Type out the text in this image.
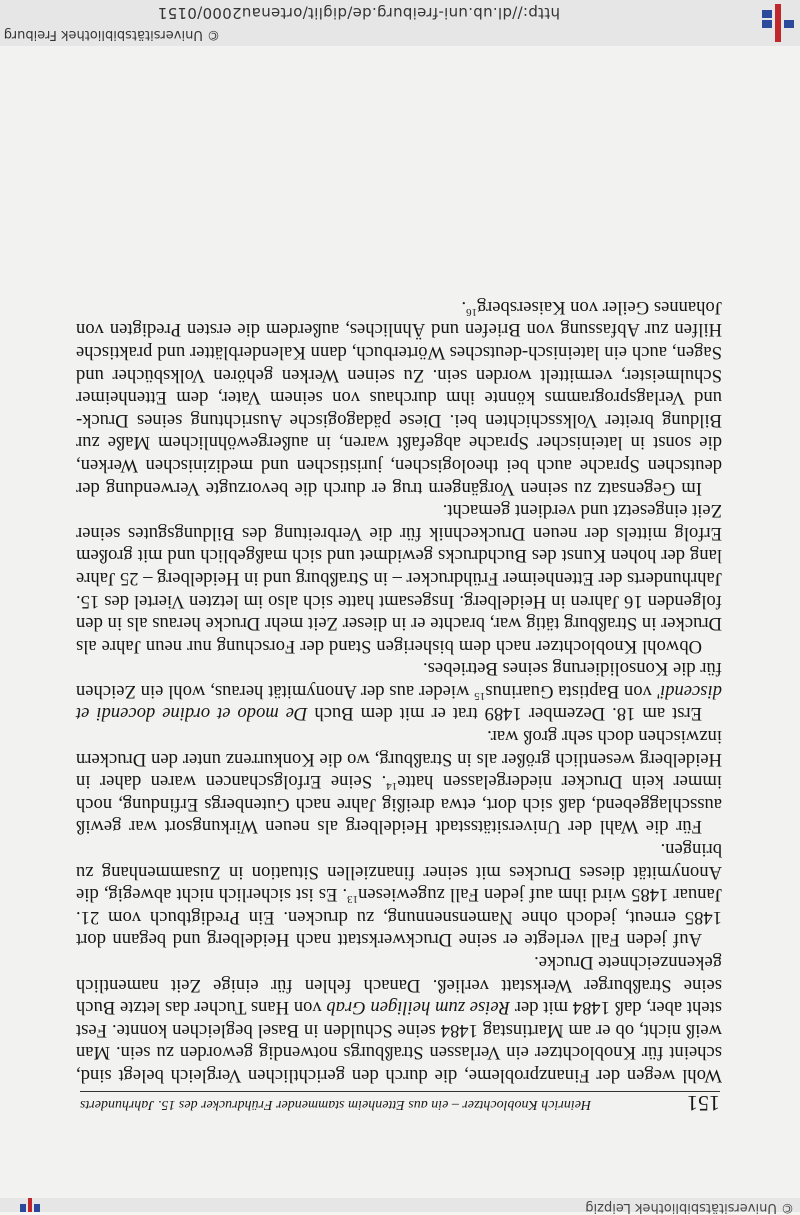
© Universitätsbibliothek Leipzig
151
Heinrich Knoblochtzer – ein aus Ettenheim stammender Frühdrucker des 15. Jahrhunderts

Wohl wegen der Finanzprobleme, die durch den gerichtlichen Vergleich belegt sind, scheint für Knoblochtzer ein Verlassen Straßburgs notwendig geworden zu sein. Man weiß nicht, ob er am Martinstag 1484 seine Schulden in Basel begleichen konnte. Fest steht aber, daß 1484 mit der Reise zum heiligen Grab von Hans Tucher das letzte Buch seine Straßburger Werkstatt verließ. Danach fehlen für einige Zeit namentlich gekennzeichnete Drucke.

Auf jeden Fall verlegte er seine Druckwerkstatt nach Heidelberg und begann dort 1485 erneut, jedoch ohne Namensnennung, zu drucken. Ein Predigtbuch vom 21. Januar 1485 wird ihm auf jeden Fall zugewiesen$^{13}$. Es ist sicherlich nicht abwegig, die Anonymität dieses Druckes mit seiner finanziellen Situation in Zusammenhang zu bringen.

Für die Wahl der Universitätsstadt Heidelberg als neuen Wirkungsort war gewiß ausschlaggebend, daß sich dort, etwa dreißig Jahre nach Gutenbergs Erfindung, noch immer kein Drucker niedergelassen hatte$^{14}$. Seine Erfolgschancen waren daher in Heidelberg wesentlich größer als in Straßburg, wo die Konkurrenz unter den Druckern inzwischen doch sehr groß war.

Erst am 18. Dezember 1489 trat er mit dem Buch De modo et ordine docendi et discendi' von Baptista Guarinus$^{15}$ wieder aus der Anonymität heraus, wohl ein Zeichen für die Konsolidierung seines Betriebes.

Obwohl Knoblochtzer nach dem bisherigen Stand der Forschung nur neun Jahre als Drucker in Straßburg tätig war, brachte er in dieser Zeit mehr Drucke heraus als in den folgenden 16 Jahren in Heidelberg. Insgesamt hatte sich also im letzten Viertel des 15. Jahrhunderts der Ettenheimer Frühdrucker – in Straßburg und in Heidelberg – 25 Jahre lang der hohen Kunst des Buchdrucks gewidmet und sich maßgeblich und mit großem Erfolg mittels der neuen Druckechnik für die Verbreitung des Bildungsgutes seiner Zeit eingesetzt und verdient gemacht.

Im Gegensatz zu seinen Vorgängern trug er durch die bevorzugte Verwendung der deutschen Sprache auch bei theologischen, juristischen und medizinischen Werken, die sonst in lateinischer Sprache abgefaßt waren, in außergewöhnlichem Maße zur Bildung breiter Volksschichten bei. Diese pädagogische Ausrichtung seines Druck- und Verlagsprogramms könnte ihm durchaus von seinem Vater, dem Ettenheimer Schulmeister, vermittelt worden sein. Zu seinen Werken gehören Volksbücher und Sagen, auch ein lateinisch-deutsches Wörterbuch, dann Kalenderblätter und praktische Hilfen zur Abfassung von Briefen und Ähnliches, außerdem die ersten Predigten von Johannes Geiler von Kaisersberg$^{16}$.

© Universitätsbibliothek Freiburg
http://dl.ub.uni-freiburg.de/diglit/ortenau2000/0151
